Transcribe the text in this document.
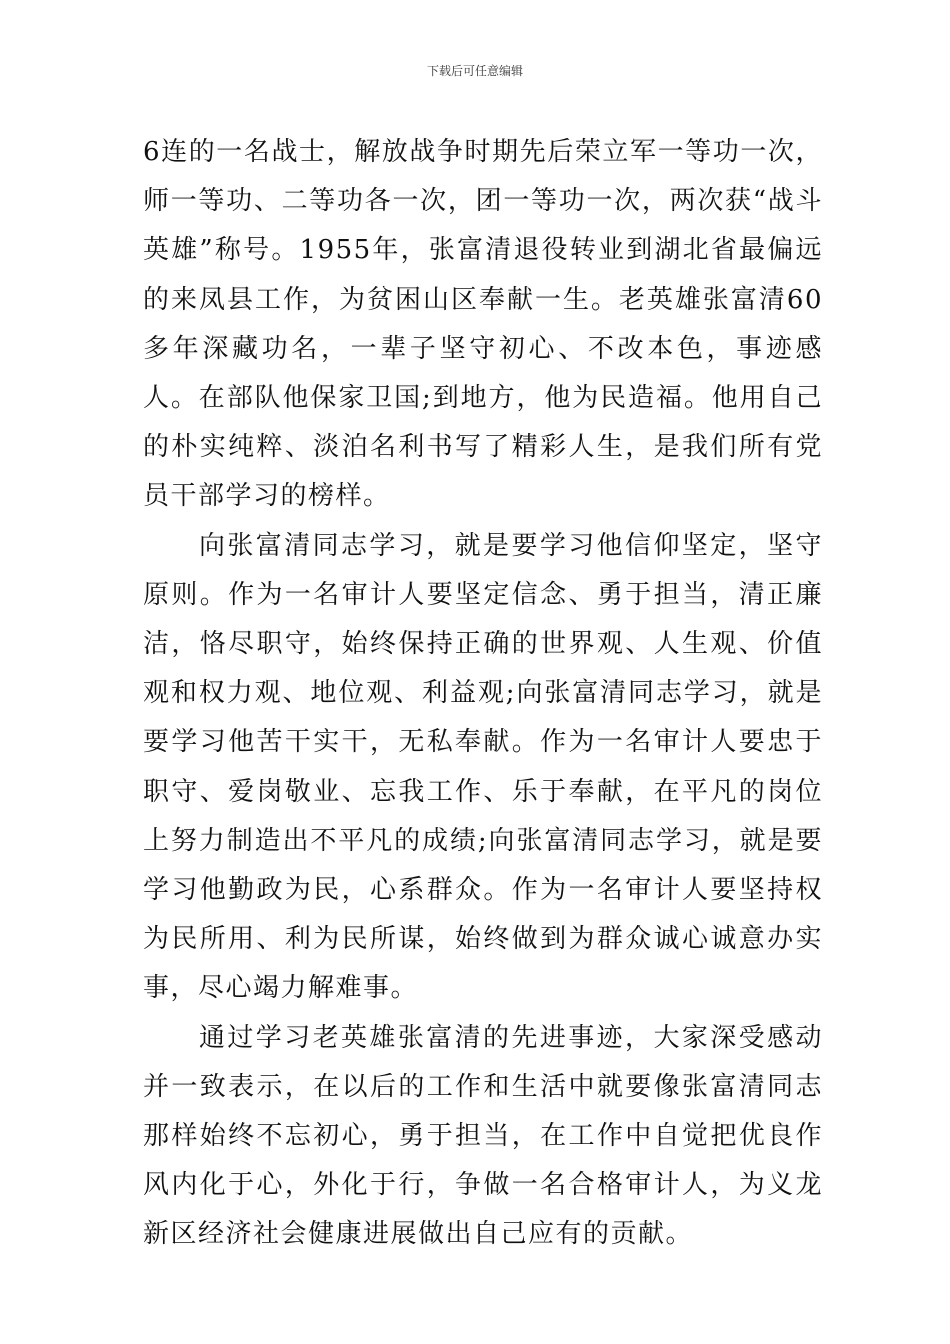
下载后可任意编辑

6连的一名战士，解放战争时期先后荣立军一等功一次，师一等功、二等功各一次，团一等功一次，两次获“战斗英雄”称号。1955年，张富清退役转业到湖北省最偏远的来凤县工作，为贫困山区奉献一生。老英雄张富清60多年深藏功名，一辈子坚守初心、不改本色，事迹感人。在部队他保家卫国;到地方，他为民造福。他用自己的朴实纯粹、淡泊名利书写了精彩人生，是我们所有党员干部学习的榜样。

向张富清同志学习，就是要学习他信仰坚定，坚守原则。作为一名审计人要坚定信念、勇于担当，清正廉洁，恪尽职守，始终保持正确的世界观、人生观、价值观和权力观、地位观、利益观;向张富清同志学习，就是要学习他苦干实干，无私奉献。作为一名审计人要忠于职守、爱岗敬业、忘我工作、乐于奉献，在平凡的岗位上努力制造出不平凡的成绩;向张富清同志学习，就是要学习他勤政为民，心系群众。作为一名审计人要坚持权为民所用、利为民所谋，始终做到为群众诚心诚意办实事，尽心竭力解难事。

通过学习老英雄张富清的先进事迹，大家深受感动并一致表示，在以后的工作和生活中就要像张富清同志那样始终不忘初心，勇于担当，在工作中自觉把优良作风内化于心，外化于行，争做一名合格审计人，为义龙新区经济社会健康进展做出自己应有的贡献。
